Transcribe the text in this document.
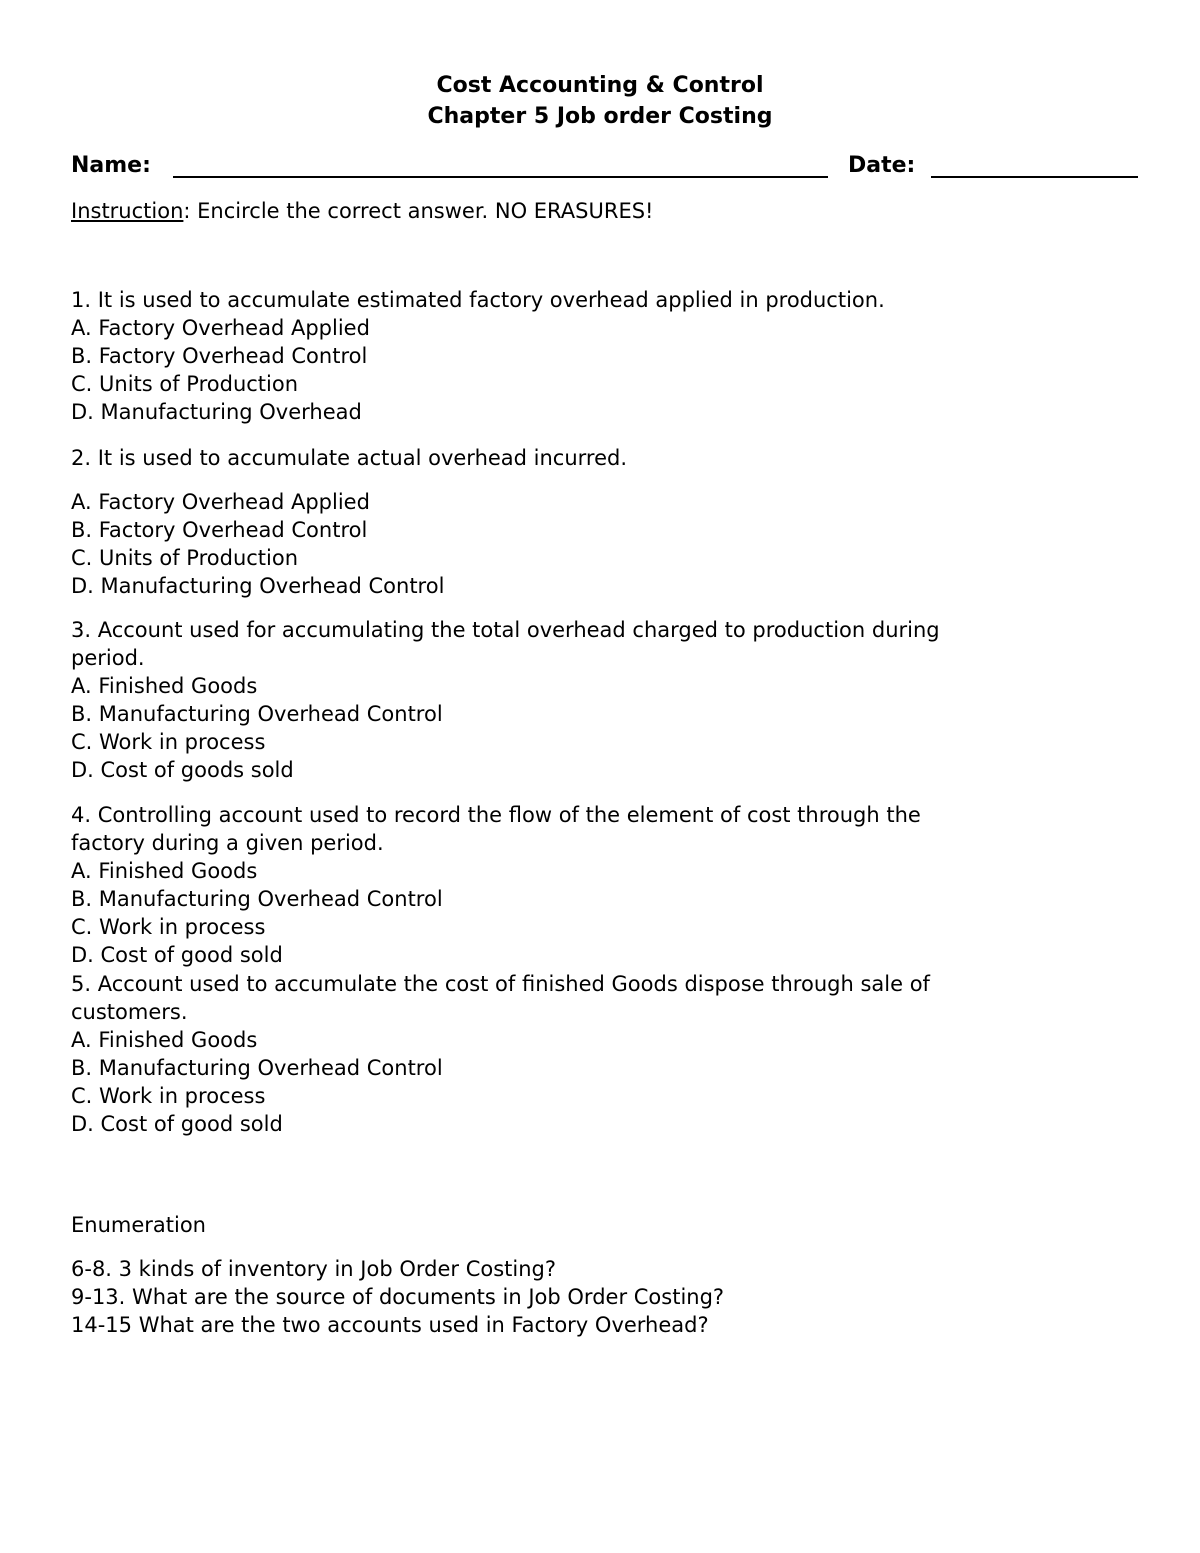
Cost Accounting & Control
Chapter 5 Job order Costing
Name:	Date:
Instruction: Encircle the correct answer. NO ERASURES!
1. It is used to accumulate estimated factory overhead applied in production.
A. Factory Overhead Applied
B. Factory Overhead Control
C. Units of Production
D. Manufacturing Overhead
2. It is used to accumulate actual overhead incurred.
A. Factory Overhead Applied
B. Factory Overhead Control
C. Units of Production
D. Manufacturing Overhead Control
3. Account used for accumulating the total overhead charged to production during
period.
A. Finished Goods
B. Manufacturing Overhead Control
C. Work in process
D. Cost of goods sold
4. Controlling account used to record the flow of the element of cost through the
factory during a given period.
A. Finished Goods
B. Manufacturing Overhead Control
C. Work in process
D. Cost of good sold
5. Account used to accumulate the cost of finished Goods dispose through sale of
customers.
A. Finished Goods
B. Manufacturing Overhead Control
C. Work in process
D. Cost of good sold
Enumeration
6-8. 3 kinds of inventory in Job Order Costing?
9-13. What are the source of documents in Job Order Costing?
14-15 What are the two accounts used in Factory Overhead?
